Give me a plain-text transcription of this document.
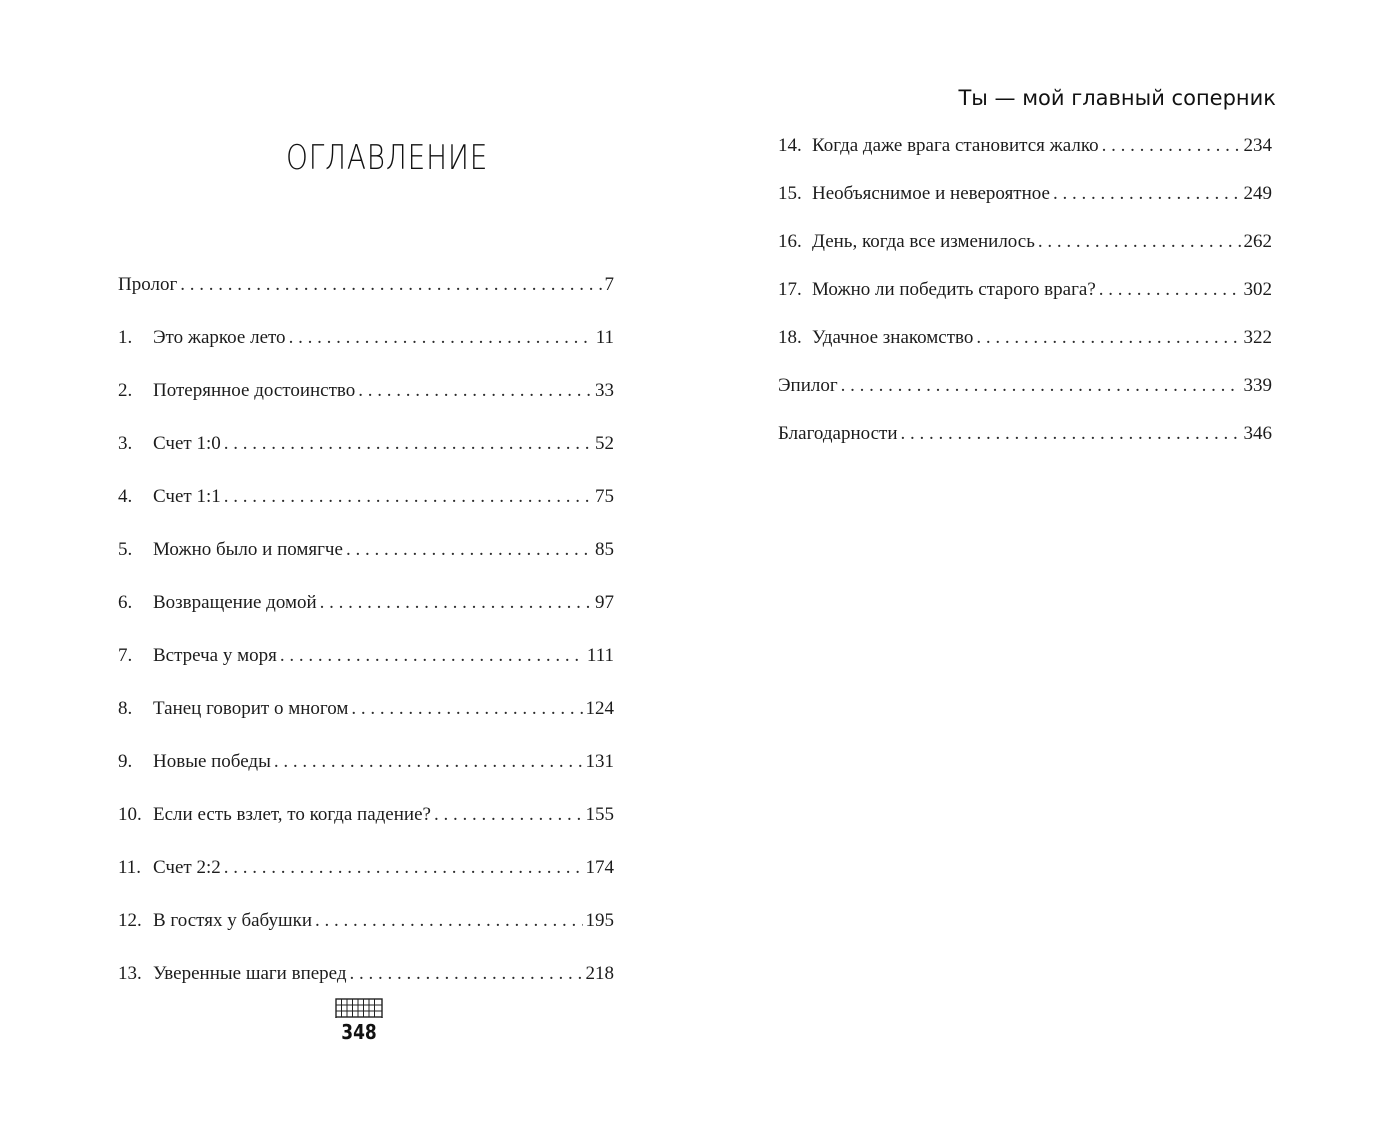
ОГЛАВЛЕНИЕ
Пролог . . .	7
1.	Это жаркое лето . . .	11
2.	Потерянное достоинство . . .	33
3.	Счет 1:0 . . .	52
4.	Счет 1:1 . . .	75
5.	Можно было и помягче . . .	85
6.	Возвращение домой . . .	97
7.	Встреча у моря . . .	111
8.	Танец говорит о многом . . .	124
9.	Новые победы . . .	131
10. Если есть взлет, то когда падение? . . .	155
11. Счет 2:2 . . .	174
12. В гостях у бабушки . . .	195
13. Уверенные шаги вперед . . .	218
348
Ты — мой главный соперник
14. Когда даже врага становится жалко . . .	234
15. Необъяснимое и невероятное . . .	249
16. День, когда все изменилось . . .	262
17. Можно ли победить старого врага? . . .	302
18. Удачное знакомство . . .	322
Эпилог . . .	339
Благодарности . . .	346
